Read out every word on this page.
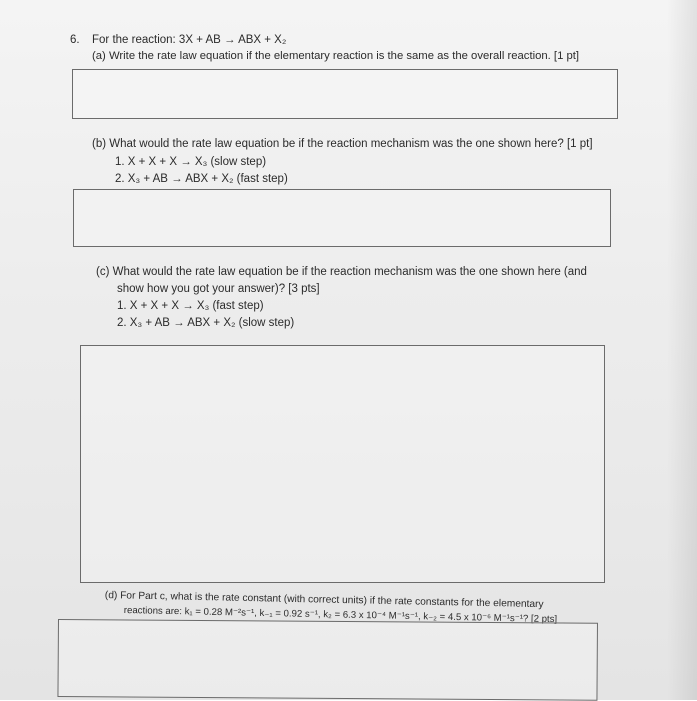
6. For the reaction: 3X + AB → ABX + X₂
(a) Write the rate law equation if the elementary reaction is the same as the overall reaction. [1 pt]
(b) What would the rate law equation be if the reaction mechanism was the one shown here? [1 pt]
1. X + X + X → X₃ (slow step)
2. X₃ + AB → ABX + X₂ (fast step)
(c) What would the rate law equation be if the reaction mechanism was the one shown here (and
show how you got your answer)? [3 pts]
1. X + X + X → X₃ (fast step)
2. X₃ + AB → ABX + X₂ (slow step)
(d) For Part c, what is the rate constant (with correct units) if the rate constants for the elementary
reactions are: k₁ = 0.28 M⁻²s⁻¹, k₋₁ = 0.92 s⁻¹, k₂ = 6.3 x 10⁻⁴ M⁻¹s⁻¹, k₋₂ = 4.5 x 10⁻⁶ M⁻¹s⁻¹? [2 pts]
